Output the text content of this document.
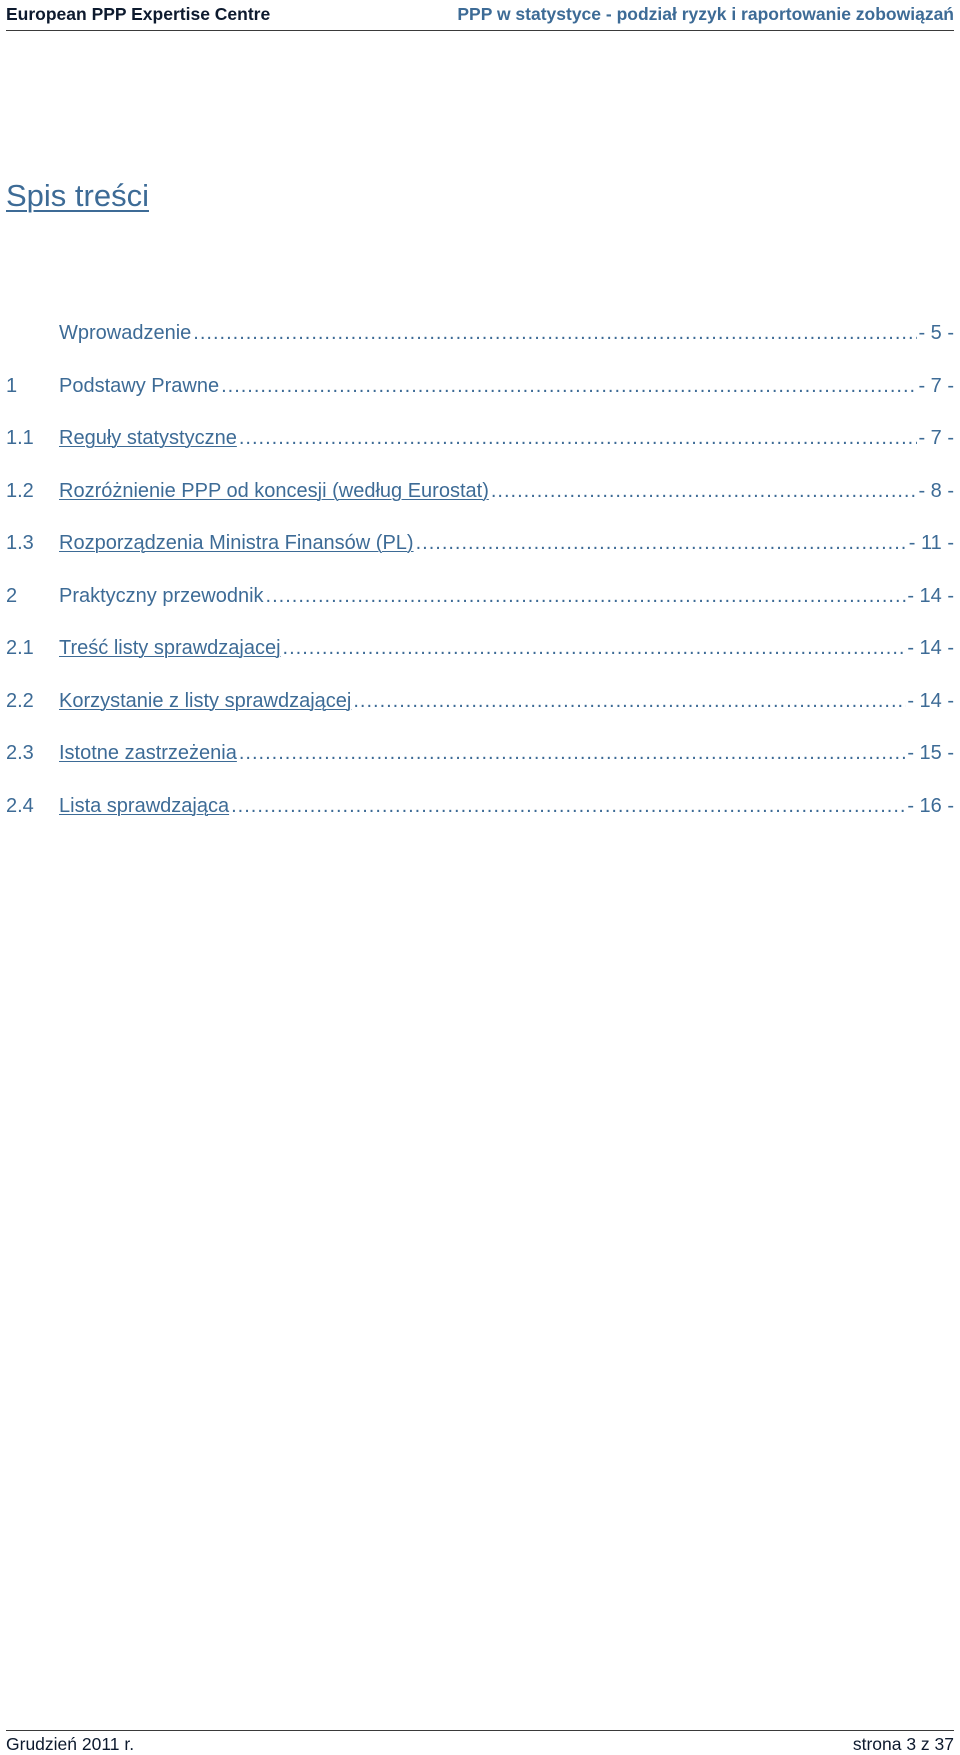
European PPP Expertise Centre	PPP w statystyce - podział ryzyk i raportowanie zobowiązań
Spis treści
Wprowadzenie .....	- 5 -
1	Podstawy Prawne .....	- 7 -
1.1	Reguły statystyczne .....	- 7 -
1.2	Rozróżnienie PPP od koncesji (według Eurostat) .....	- 8 -
1.3	Rozporządzenia Ministra Finansów (PL) .....	- 11 -
2	Praktyczny przewodnik .....	- 14 -
2.1	Treść listy sprawdzajacej .....	- 14 -
2.2	Korzystanie z listy sprawdzającej .....	- 14 -
2.3	Istotne zastrzeżenia .....	- 15 -
2.4	Lista sprawdzająca .....	- 16 -
Grudzień 2011 r.	strona 3 z 37
